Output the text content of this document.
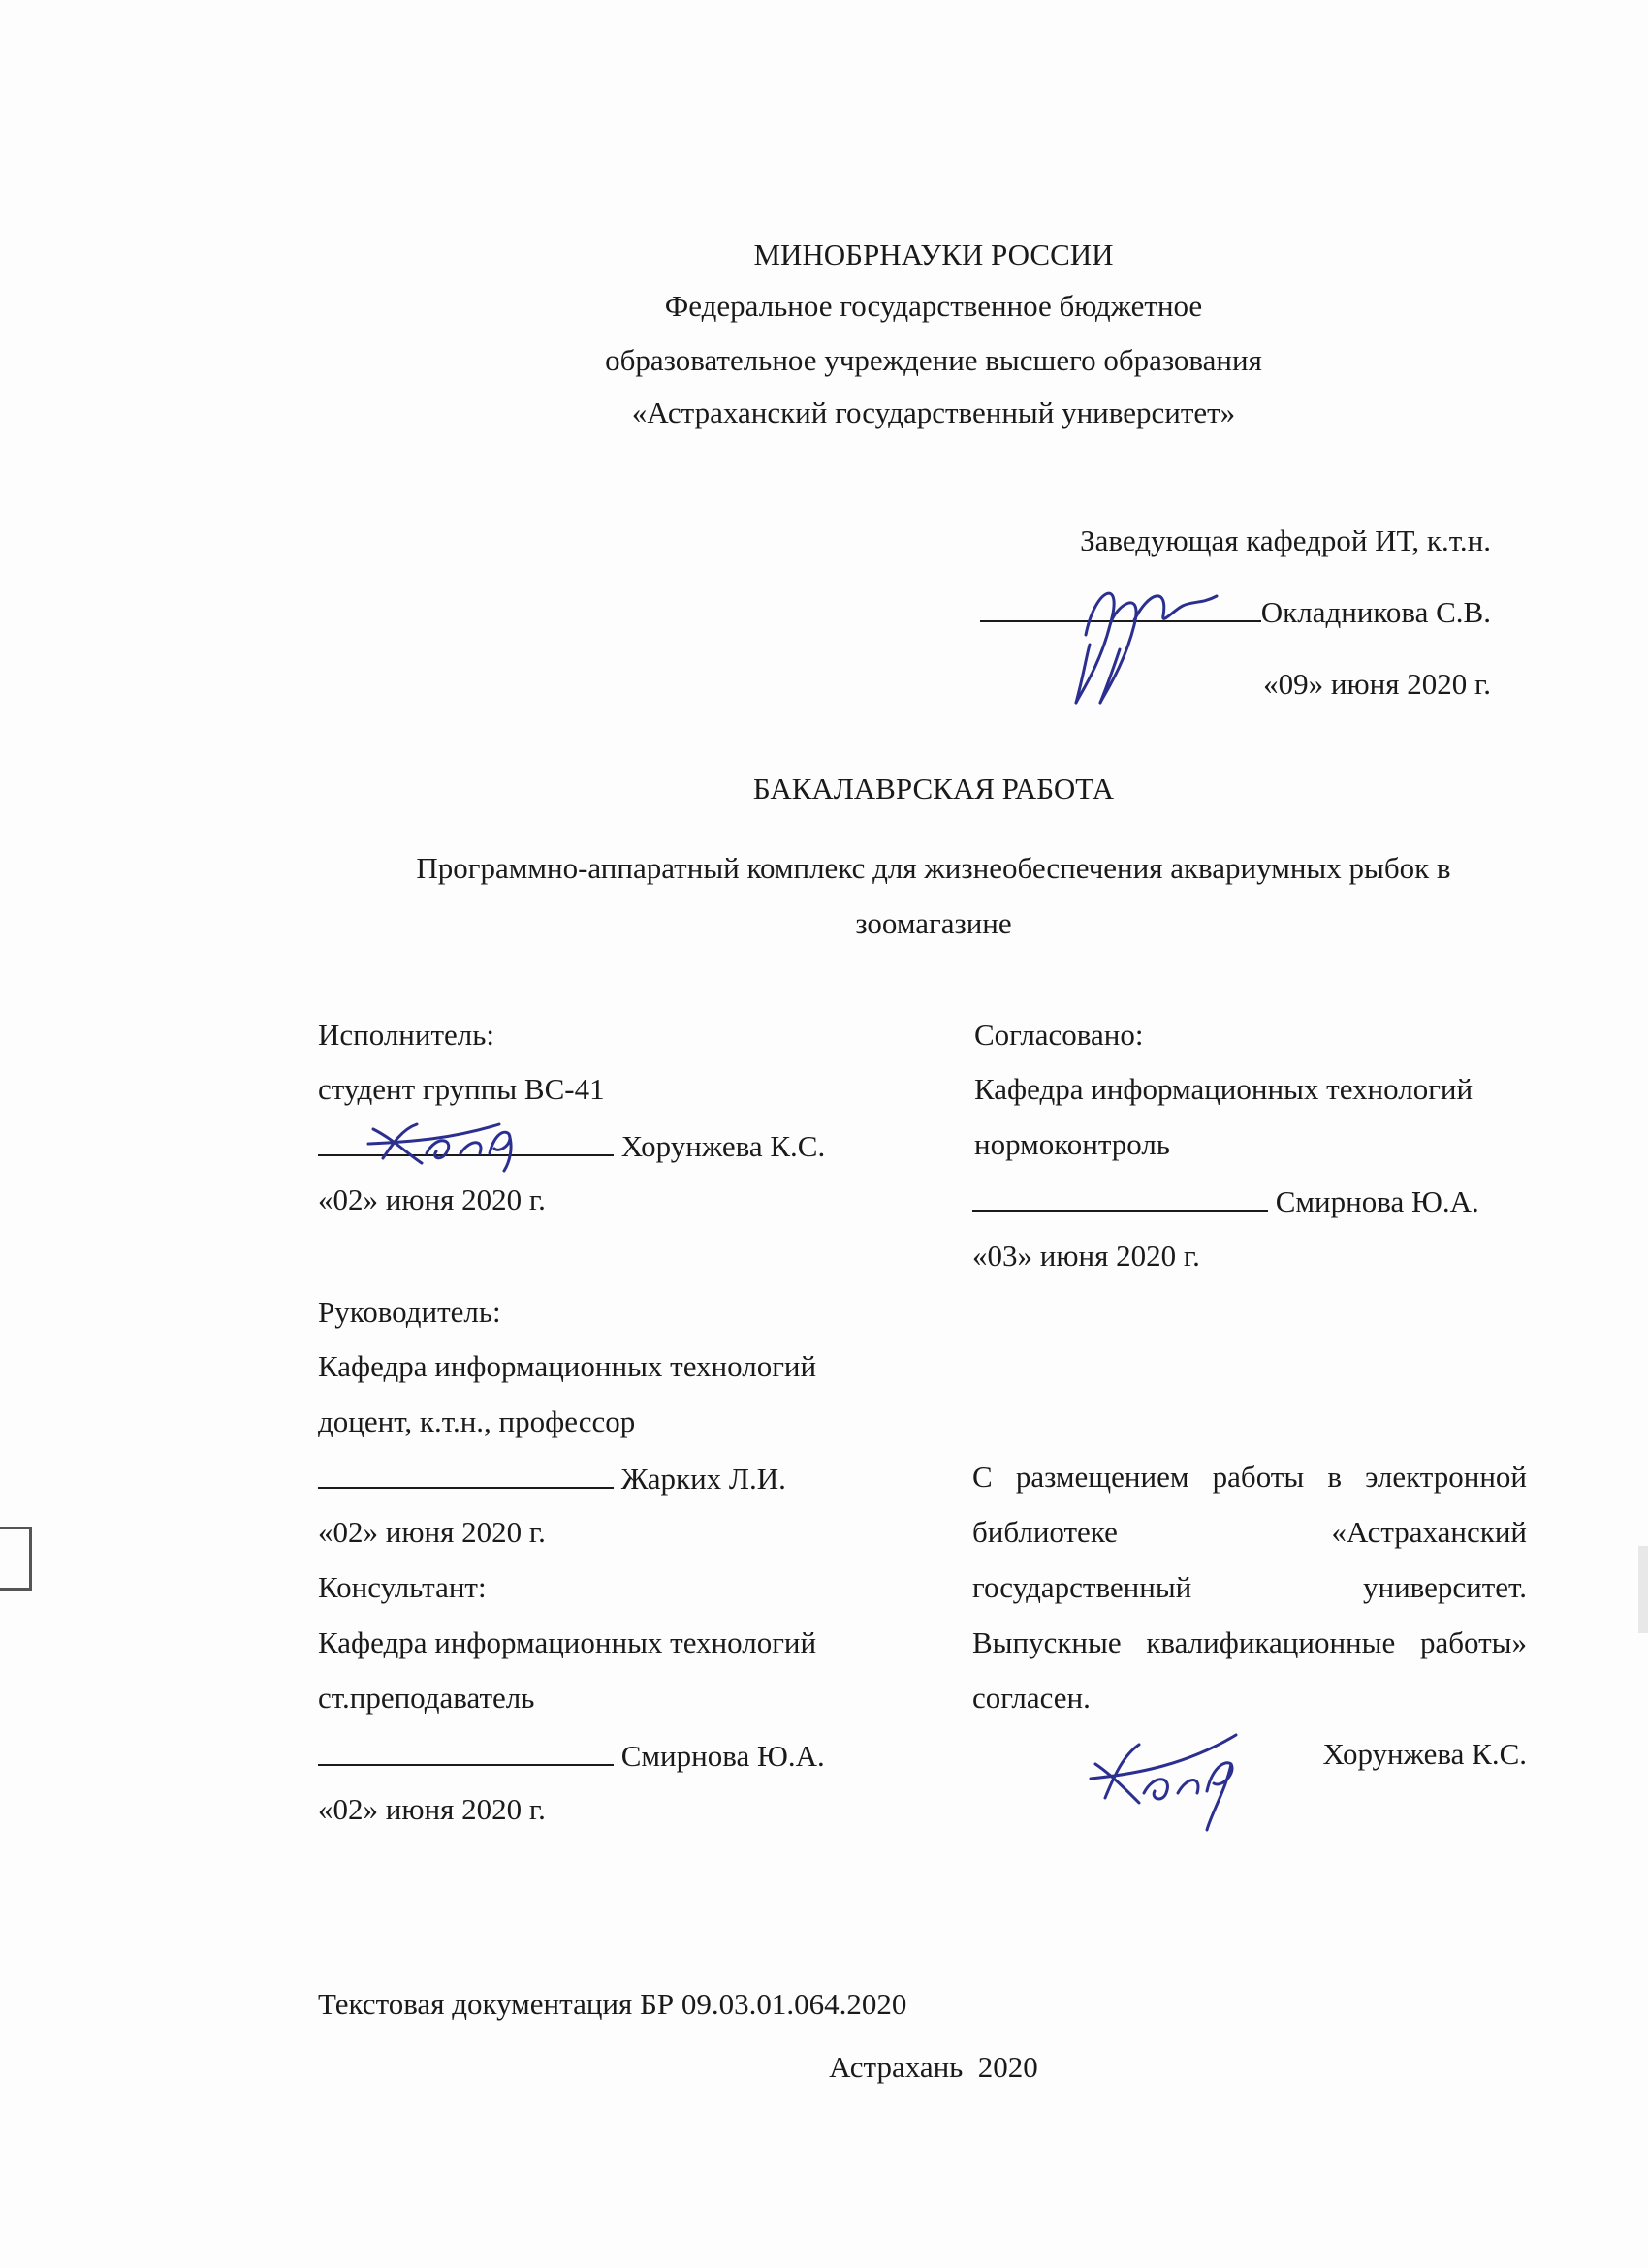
МИНОБРНАУКИ РОССИИ
Федеральное государственное бюджетное
образовательное учреждение высшего образования
«Астраханский государственный университет»
Заведующая кафедрой ИТ, к.т.н.
Окладникова С.В.
«09» июня 2020 г.
БАКАЛАВРСКАЯ РАБОТА
Программно-аппаратный комплекс для жизнеобеспечения аквариумных рыбок в
зоомагазине
Исполнитель:
студент группы ВС-41
Хорунжева К.С.
«02» июня 2020 г.
Согласовано:
Кафедра информационных технологий
нормоконтроль
Смирнова Ю.А.
«03» июня 2020 г.
Руководитель:
Кафедра информационных технологий
доцент, к.т.н., профессор
Жарких Л.И.
«02» июня 2020 г.
Консультант:
Кафедра информационных технологий
ст.преподаватель
Смирнова Ю.А.
«02» июня 2020 г.
С размещением работы в электронной
библиотеке «Астраханский
государственный университет.
Выпускные квалификационные работы»
согласен.
Хорунжева К.С.
Текстовая документация БР 09.03.01.064.2020
Астрахань  2020
